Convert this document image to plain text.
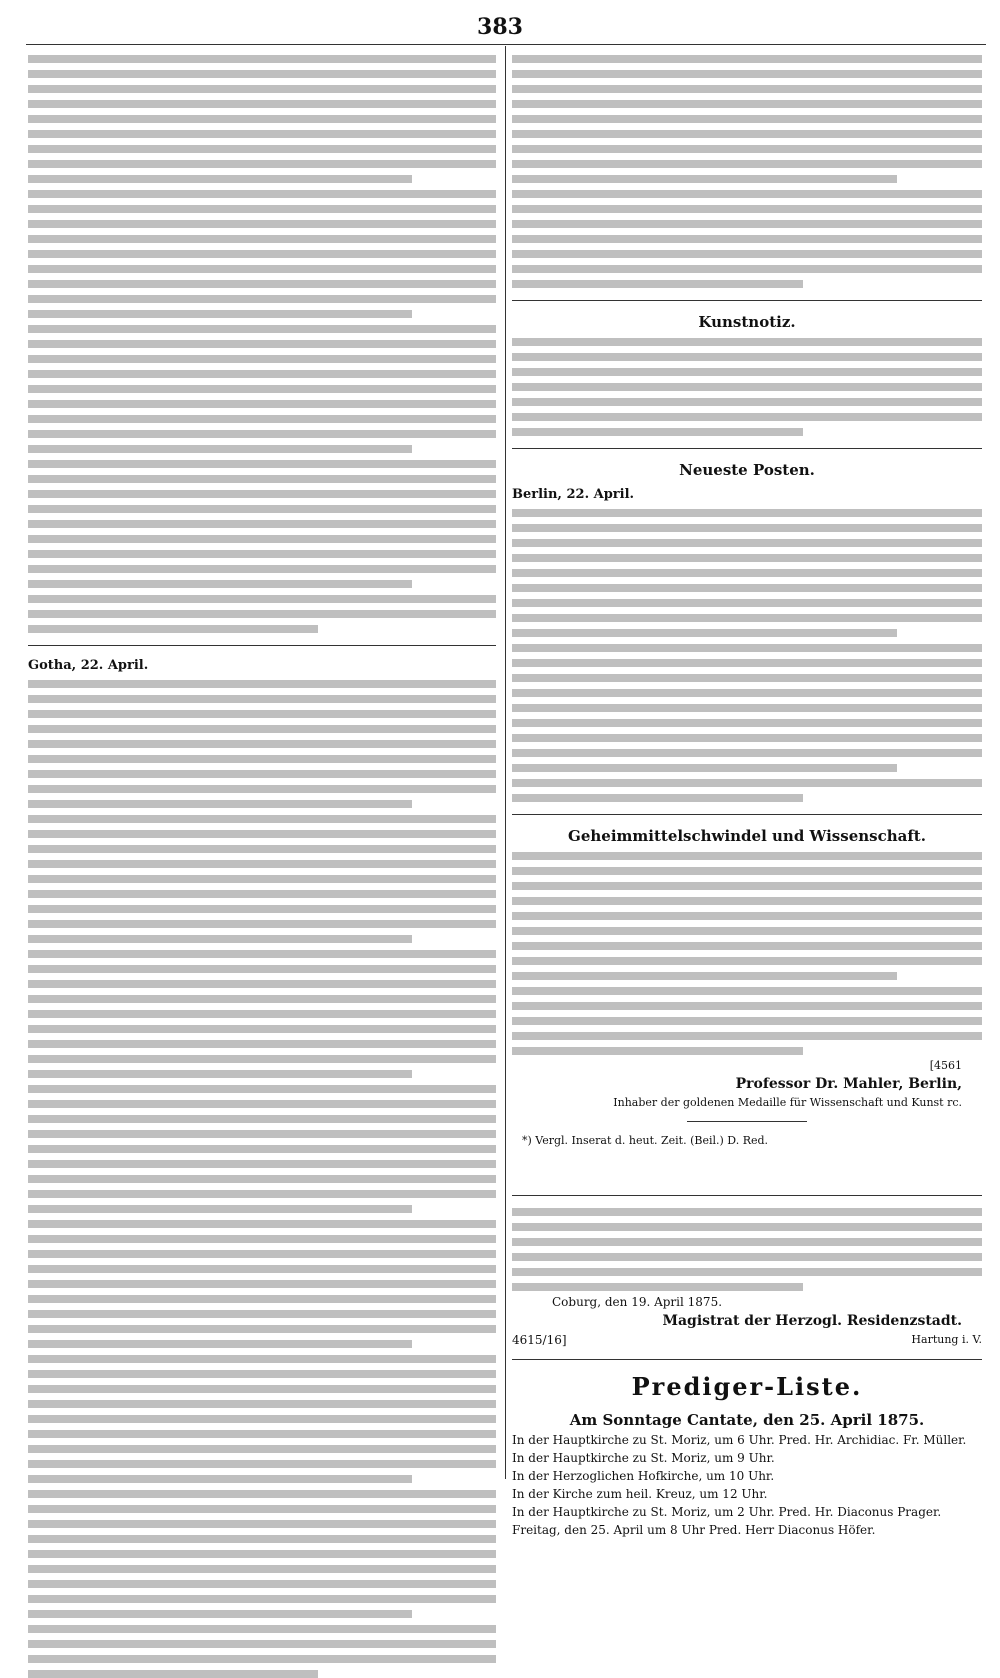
383
Gotha, 22. April.
Kunstnotiz.
Neueste Posten.
Berlin, 22. April.
Geheimmittelschwindel und Wissenschaft.
[4561
Professor Dr. Mahler, Berlin,
Inhaber der goldenen Medaille für Wissenschaft und Kunst rc.
*) Vergl. Inserat d. heut. Zeit. (Beil.) D. Red.
Coburg, den 19. April 1875.
Magistrat der Herzogl. Residenzstadt.
4615/16]	Hartung i. V.
Prediger-Liste.
Am Sonntage Cantate, den 25. April 1875.
In der Hauptkirche zu St. Moriz, um 6 Uhr. Pred. Hr. Archidiac. Fr. Müller.
In der Hauptkirche zu St. Moriz, um 9 Uhr.
In der Herzoglichen Hofkirche, um 10 Uhr.
In der Kirche zum heil. Kreuz, um 12 Uhr.
In der Hauptkirche zu St. Moriz, um 2 Uhr. Pred. Hr. Diaconus Prager.
Freitag, den 25. April um 8 Uhr Pred. Herr Diaconus Höfer.
